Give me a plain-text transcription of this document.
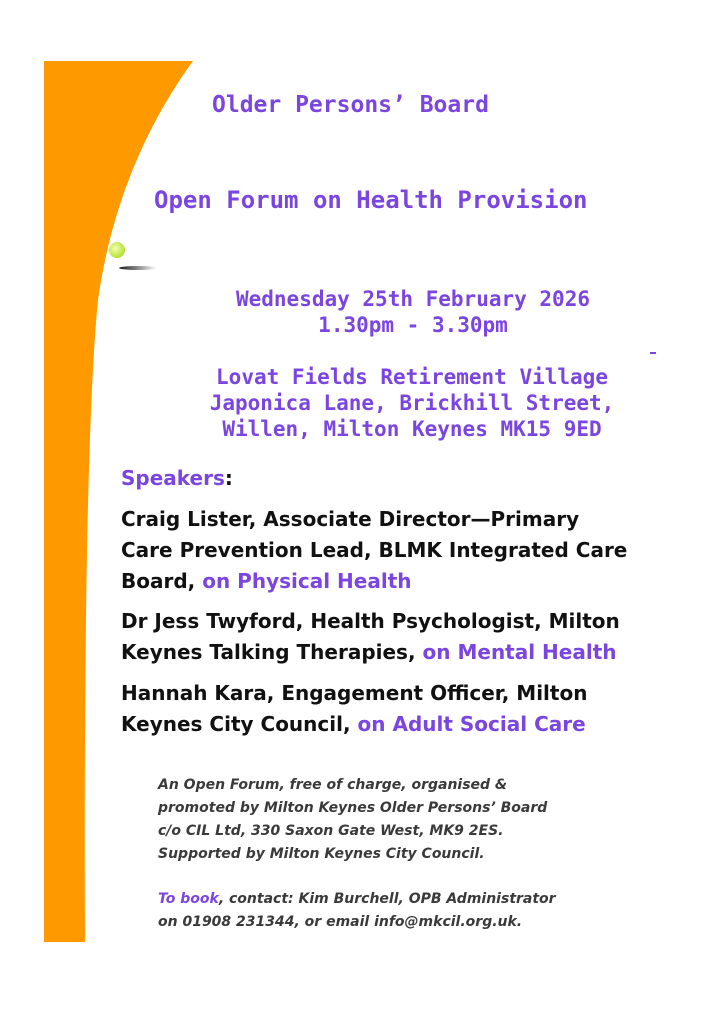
Older Persons’ Board
Open Forum on Health Provision
Wednesday 25th February 2026
1.30pm - 3.30pm
Lovat Fields Retirement Village
Japonica Lane, Brickhill Street,
Willen, Milton Keynes MK15 9ED
Speakers:
Craig Lister, Associate Director—Primary
Care Prevention Lead, BLMK Integrated Care
Board, on Physical Health
Dr Jess Twyford, Health Psychologist, Milton
Keynes Talking Therapies, on Mental Health
Hannah Kara, Engagement Officer, Milton
Keynes City Council, on Adult Social Care
An Open Forum, free of charge, organised &
promoted by Milton Keynes Older Persons’ Board
c/o CIL Ltd, 330 Saxon Gate West, MK9 2ES.
Supported by Milton Keynes City Council.
To book, contact: Kim Burchell, OPB Administrator
on 01908 231344, or email info@mkcil.org.uk.
